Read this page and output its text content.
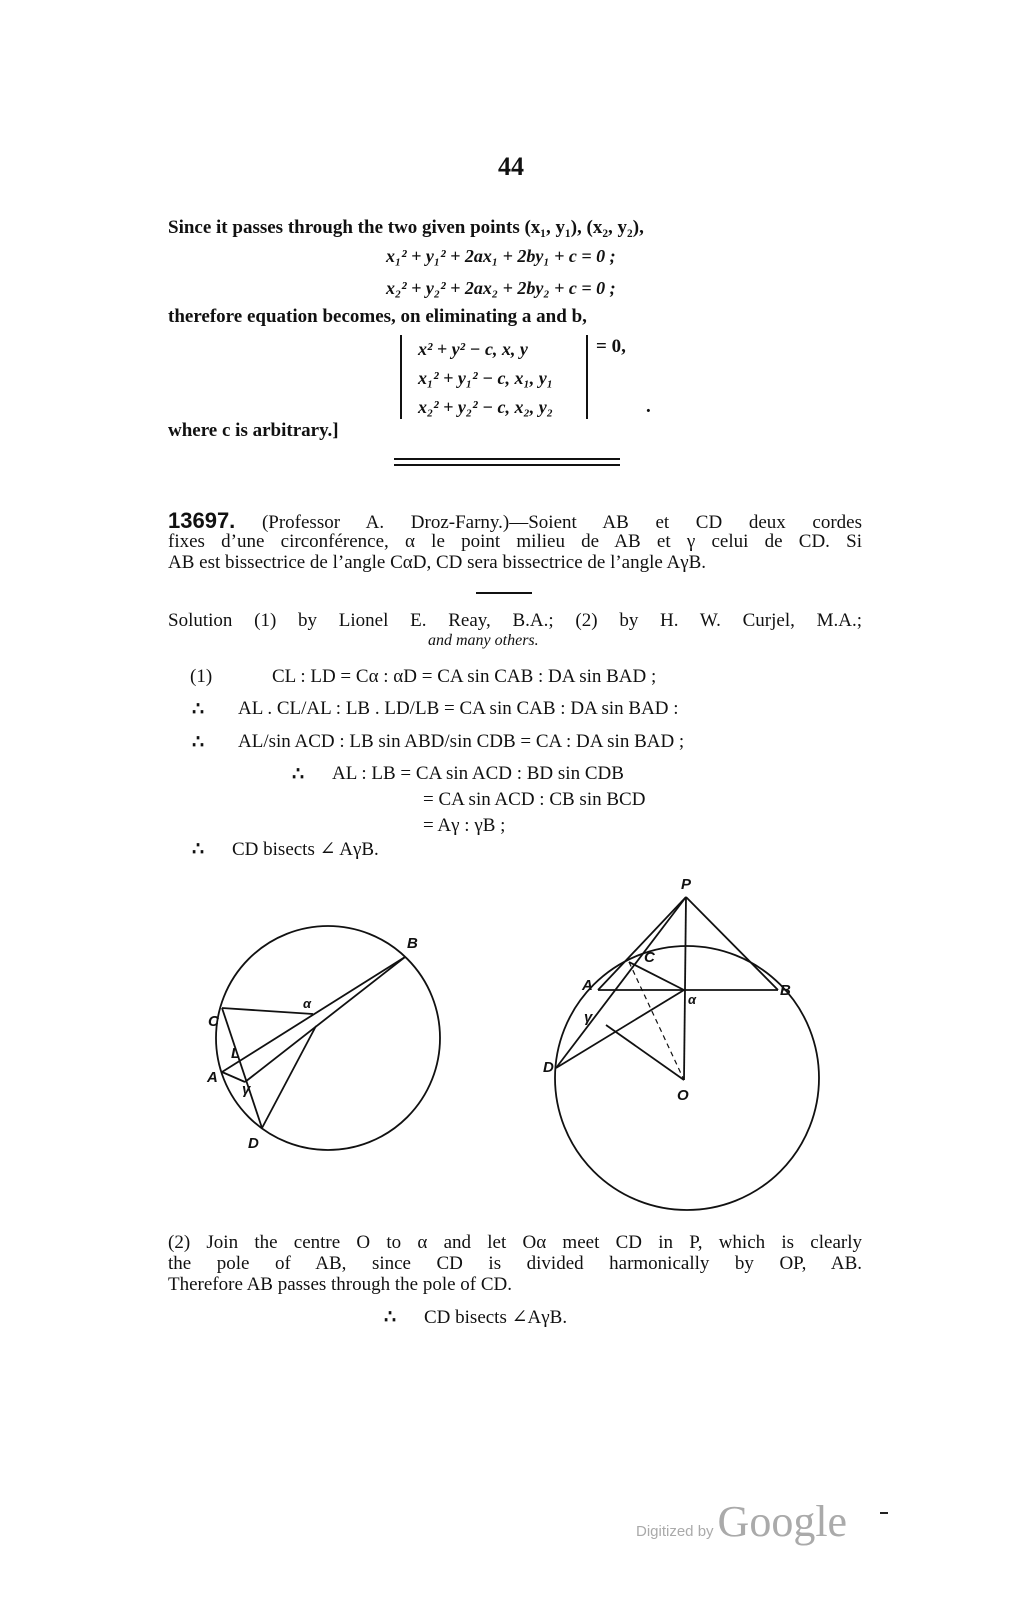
44
Since it passes through the two given points (x₁, y₁), (x₂, y₂),
x₁² + y₁² + 2ax₁ + 2by₁ + c = 0 ;
x₂² + y₂² + 2ax₂ + 2by₂ + c = 0 ;
therefore equation becomes, on eliminating a and b,
x² + y² − c, x, y
x₁² + y₁² − c, x₁, y₁
x₂² + y₂² − c, x₂, y₂
= 0,
.
where c is arbitrary.]
13697. (Professor A. Droz-Farny.)—Soient AB et CD deux cordes
fixes d’une circonférence, α le point milieu de AB et γ celui de CD. Si
AB est bissectrice de l’angle CαD, CD sera bissectrice de l’angle AγB.
Solution (1) by Lionel E. Reay, B.A.; (2) by H. W. Curjel, M.A.;
and many others.
(1)	CL : LD = Cα : αD = CA sin CAB : DA sin BAD ;
∴ AL . CL/AL : LB . LD/LB = CA sin CAB : DA sin BAD :
∴ AL/sin ACD : LB sin ABD/sin CDB = CA : DA sin BAD ;
∴ AL : LB = CA sin ACD : BD sin CDB
= CA sin ACD : CB sin BCD
= Aγ : γB ;
∴ CD bisects ∠ AγB.
B
C
A
D
α
L
γ
P
C
A	B
α
γ
D
O
(2) Join the centre O to α and let Oα meet CD in P, which is clearly
the pole of AB, since CD is divided harmonically by OP, AB.
Therefore AB passes through the pole of CD.
∴ CD bisects ∠AγB.
Digitized by Google
